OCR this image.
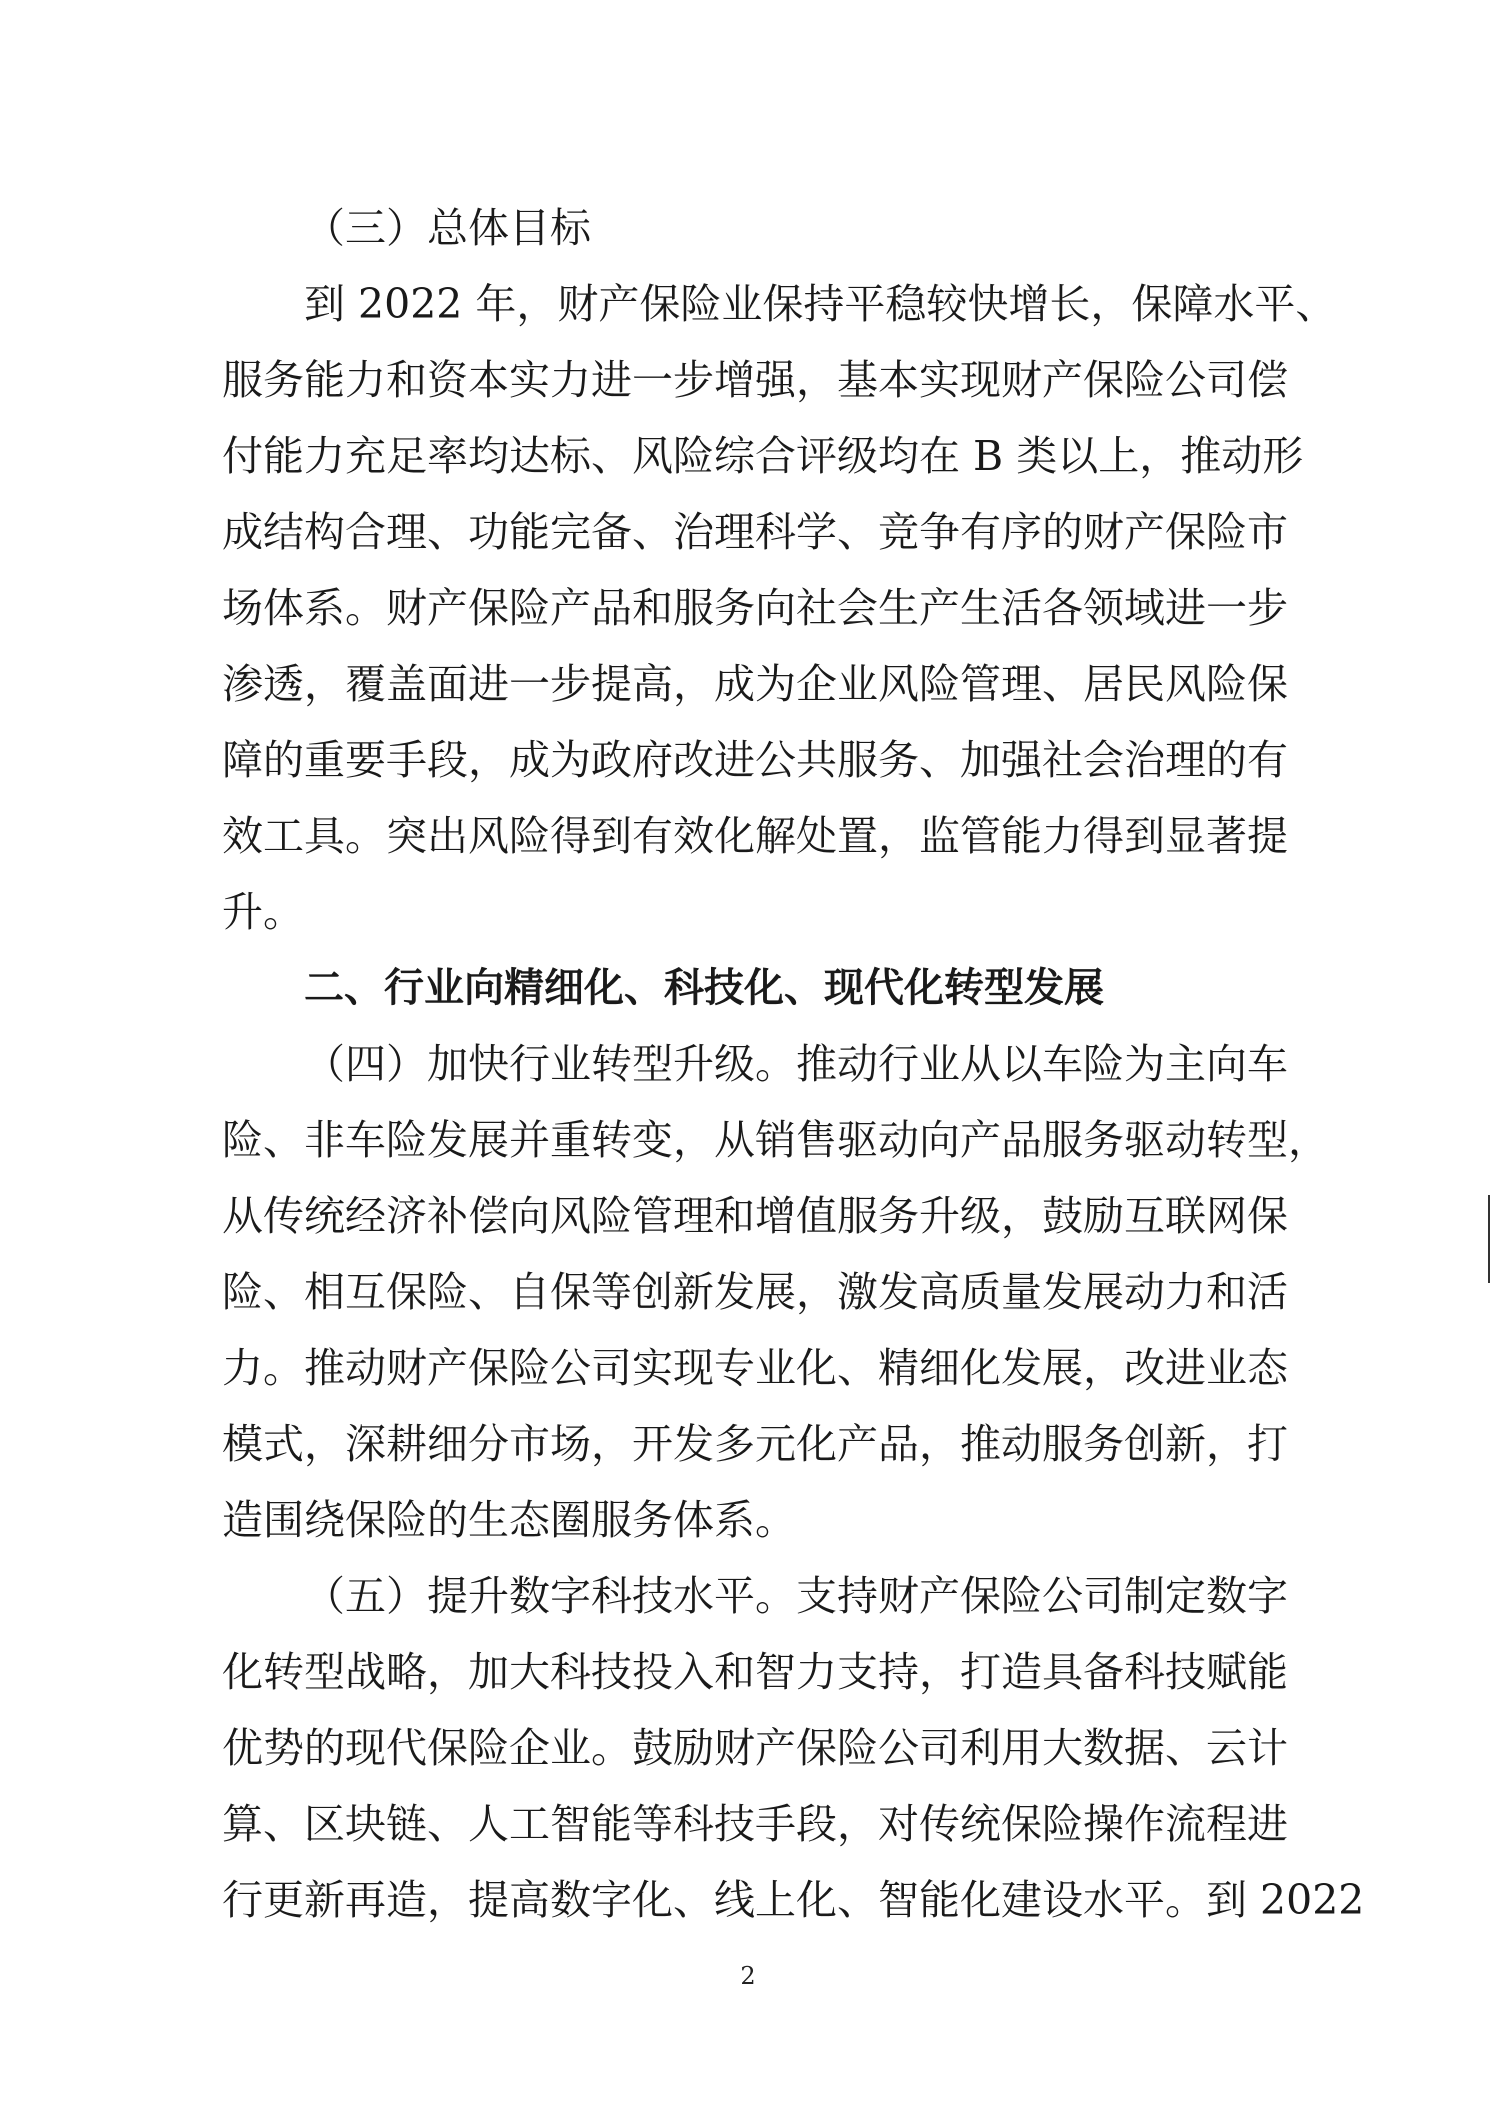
（三）总体目标
到 2022 年，财产保险业保持平稳较快增长，保障水平、
服务能力和资本实力进一步增强，基本实现财产保险公司偿
付能力充足率均达标、风险综合评级均在 B 类以上，推动形
成结构合理、功能完备、治理科学、竞争有序的财产保险市
场体系。财产保险产品和服务向社会生产生活各领域进一步
渗透，覆盖面进一步提高，成为企业风险管理、居民风险保
障的重要手段，成为政府改进公共服务、加强社会治理的有
效工具。突出风险得到有效化解处置，监管能力得到显著提
升。
二、行业向精细化、科技化、现代化转型发展
（四）加快行业转型升级。推动行业从以车险为主向车
险、非车险发展并重转变，从销售驱动向产品服务驱动转型，
从传统经济补偿向风险管理和增值服务升级，鼓励互联网保
险、相互保险、自保等创新发展，激发高质量发展动力和活
力。推动财产保险公司实现专业化、精细化发展，改进业态
模式，深耕细分市场，开发多元化产品，推动服务创新，打
造围绕保险的生态圈服务体系。
（五）提升数字科技水平。支持财产保险公司制定数字
化转型战略，加大科技投入和智力支持，打造具备科技赋能
优势的现代保险企业。鼓励财产保险公司利用大数据、云计
算、区块链、人工智能等科技手段，对传统保险操作流程进
行更新再造，提高数字化、线上化、智能化建设水平。到 2022
2
